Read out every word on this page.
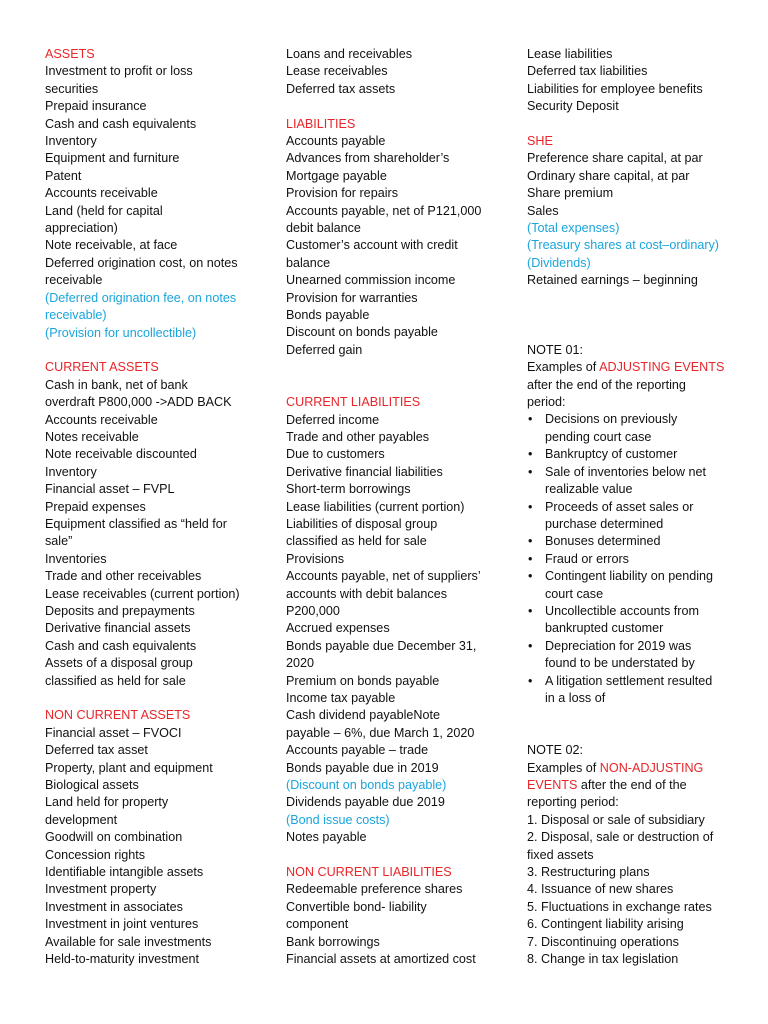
ASSETS
Investment to profit or loss
securities
Prepaid insurance
Cash and cash equivalents
Inventory
Equipment and furniture
Patent
Accounts receivable
Land (held for capital
appreciation)
Note receivable, at face
Deferred origination cost, on notes
receivable
(Deferred origination fee, on notes
receivable)
(Provision for uncollectible)
CURRENT ASSETS
Cash in bank, net of bank
overdraft P800,000 ->ADD BACK
Accounts receivable
Notes receivable
Note receivable discounted
Inventory
Financial asset – FVPL
Prepaid expenses
Equipment classified as “held for
sale”
Inventories
Trade and other receivables
Lease receivables (current portion)
Deposits and prepayments
Derivative financial assets
Cash and cash equivalents
Assets of a disposal group
classified as held for sale
NON CURRENT ASSETS
Financial asset – FVOCI
Deferred tax asset
Property, plant and equipment
Biological assets
Land held for property
development
Goodwill on combination
Concession rights
Identifiable intangible assets
Investment property
Investment in associates
Investment in joint ventures
Available for sale investments
Held-to-maturity investment
Loans and receivables
Lease receivables
Deferred tax assets
LIABILITIES
Accounts payable
Advances from shareholder’s
Mortgage payable
Provision for repairs
Accounts payable, net of P121,000
debit balance
Customer’s account with credit
balance
Unearned commission income
Provision for warranties
Bonds payable
Discount on bonds payable
Deferred gain
CURRENT LIABILITIES
Deferred income
Trade and other payables
Due to customers
Derivative financial liabilities
Short-term borrowings
Lease liabilities (current portion)
Liabilities of disposal group
classified as held for sale
Provisions
Accounts payable, net of suppliers’
accounts with debit balances
P200,000
Accrued expenses
Bonds payable due December 31,
2020
Premium on bonds payable
Income tax payable
Cash dividend payableNote
payable – 6%, due March 1, 2020
Accounts payable – trade
Bonds payable due in 2019
(Discount on bonds payable)
Dividends payable due 2019
(Bond issue costs)
Notes payable
NON CURRENT LIABILITIES
Redeemable preference shares
Convertible bond- liability
component
Bank borrowings
Financial assets at amortized cost
Lease liabilities
Deferred tax liabilities
Liabilities for employee benefits
Security Deposit
SHE
Preference share capital, at par
Ordinary share capital, at par
Share premium
Sales
(Total expenses)
(Treasury shares at cost–ordinary)
(Dividends)
Retained earnings – beginning
NOTE 01:
Examples of ADJUSTING EVENTS
after the end of the reporting
period:
• Decisions on previously
pending court case
• Bankruptcy of customer
• Sale of inventories below net
realizable value
• Proceeds of asset sales or
purchase determined
• Bonuses determined
• Fraud or errors
• Contingent liability on pending
court case
• Uncollectible accounts from
bankrupted customer
• Depreciation for 2019 was
found to be understated by
• A litigation settlement resulted
in a loss of
NOTE 02:
Examples of NON-ADJUSTING
EVENTS after the end of the
reporting period:
1. Disposal or sale of subsidiary
2. Disposal, sale or destruction of
fixed assets
3. Restructuring plans
4. Issuance of new shares
5. Fluctuations in exchange rates
6. Contingent liability arising
7. Discontinuing operations
8. Change in tax legislation
